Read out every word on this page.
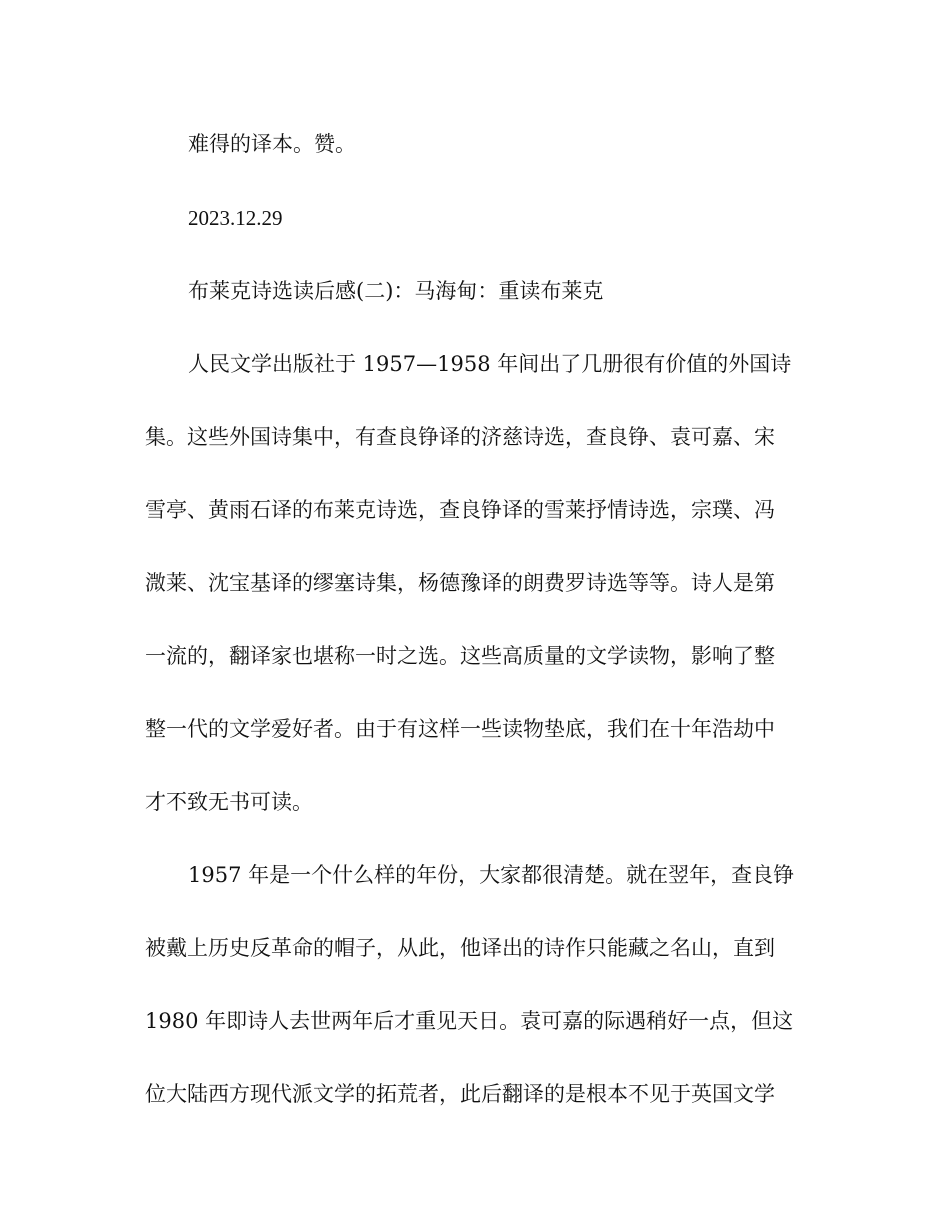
难得的译本。赞。
2023.12.29
布莱克诗选读后感(二)：马海甸：重读布莱克
人民文学出版社于 1957—1958 年间出了几册很有价值的外国诗
集。这些外国诗集中，有查良铮译的济慈诗选，查良铮、袁可嘉、宋
雪亭、黄雨石译的布莱克诗选，查良铮译的雪莱抒情诗选，宗璞、冯
溦莱、沈宝基译的缪塞诗集，杨德豫译的朗费罗诗选等等。诗人是第
一流的，翻译家也堪称一时之选。这些高质量的文学读物，影响了整
整一代的文学爱好者。由于有这样一些读物垫底，我们在十年浩劫中
才不致无书可读。
1957 年是一个什么样的年份，大家都很清楚。就在翌年，查良铮
被戴上历史反革命的帽子，从此，他译出的诗作只能藏之名山，直到
1980 年即诗人去世两年后才重见天日。袁可嘉的际遇稍好一点，但这
位大陆西方现代派文学的拓荒者，此后翻译的是根本不见于英国文学
